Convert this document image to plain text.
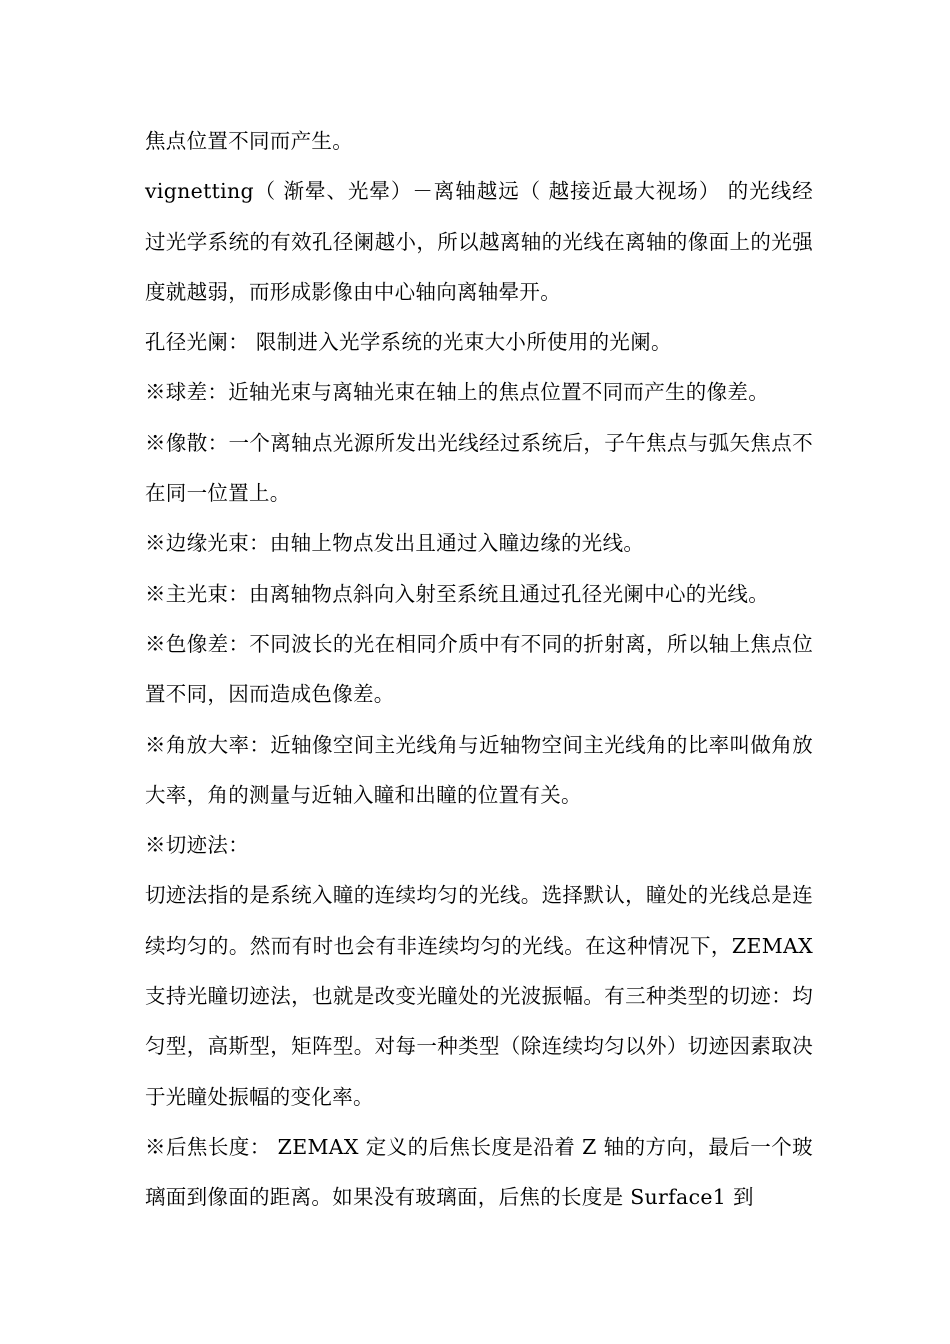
焦点位置不同而产生。

vignetting（ 渐晕、光晕）－离轴越远（ 越接近最大视场） 的光线经过光学系统的有效孔径阑越小，所以越离轴的光线在离轴的像面上的光强度就越弱，而形成影像由中心轴向离轴晕开。

孔径光阑： 限制进入光学系统的光束大小所使用的光阑。

※球差：近轴光束与离轴光束在轴上的焦点位置不同而产生的像差。

※像散：一个离轴点光源所发出光线经过系统后，子午焦点与弧矢焦点不在同一位置上。

※边缘光束：由轴上物点发出且通过入瞳边缘的光线。

※主光束：由离轴物点斜向入射至系统且通过孔径光阑中心的光线。

※色像差：不同波长的光在相同介质中有不同的折射离，所以轴上焦点位置不同，因而造成色像差。

※角放大率：近轴像空间主光线角与近轴物空间主光线角的比率叫做角放大率，角的测量与近轴入瞳和出瞳的位置有关。

※切迹法：

切迹法指的是系统入瞳的连续均匀的光线。选择默认，瞳处的光线总是连续均匀的。然而有时也会有非连续均匀的光线。在这种情况下，ZEMAX 支持光瞳切迹法，也就是改变光瞳处的光波振幅。有三种类型的切迹：均匀型，高斯型，矩阵型。对每一种类型（除连续均匀以外）切迹因素取决于光瞳处振幅的变化率。

※后焦长度： ZEMAX 定义的后焦长度是沿着 Z 轴的方向，最后一个玻璃面到像面的距离。如果没有玻璃面，后焦的长度是 Surface1 到
